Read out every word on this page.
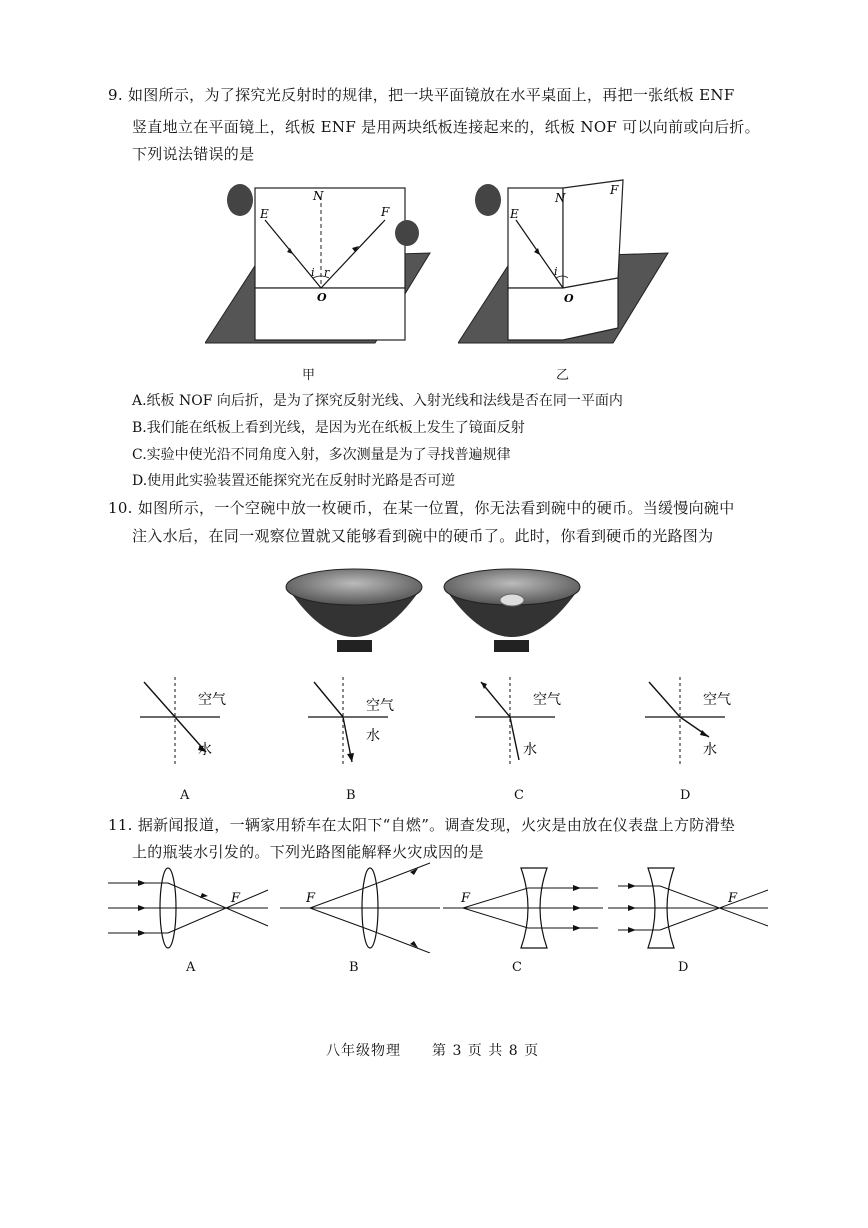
9. 如图所示，为了探究光反射时的规律，把一块平面镜放在水平桌面上，再把一张纸板 ENF
竖直地立在平面镜上，纸板 ENF 是用两块纸板连接起来的，纸板 NOF 可以向前或向后折。
下列说法错误的是
E
N
F
i r
O
甲
E
N
F
i
O
乙
A.纸板 NOF 向后折，是为了探究反射光线、入射光线和法线是否在同一平面内
B.我们能在纸板上看到光线，是因为光在纸板上发生了镜面反射
C.实验中使光沿不同角度入射，多次测量是为了寻找普遍规律
D.使用此实验装置还能探究光在反射时光路是否可逆
10. 如图所示，一个空碗中放一枚硬币，在某一位置，你无法看到碗中的硬币。当缓慢向碗中
注入水后，在同一观察位置就又能够看到碗中的硬币了。此时，你看到硬币的光路图为
空气
水
空气
水
空气
水
空气
水
A	B	C	D
11. 据新闻报道，一辆家用轿车在太阳下“自燃”。调查发现，火灾是由放在仪表盘上方防滑垫
上的瓶装水引发的。下列光路图能解释火灾成因的是
F	F	F	F
A	B	C	D
八年级物理 第 3 页 共 8 页
